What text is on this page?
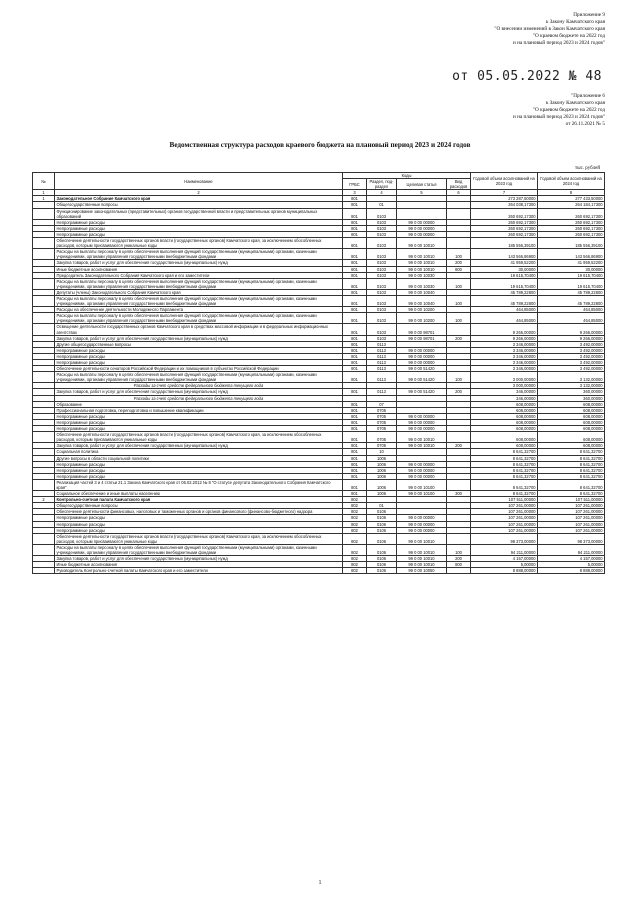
Приложение 9
к Закону Камчатского края
"О внесении изменений в Закон Камчатского края
"О краевом бюджете на 2022 год
и на плановый период 2023 и 2024 годов"
от 05.05.2022 № 48
"Приложение 6
к Закону Камчатского края
"О краевом бюджете на 2022 год
и на плановый период 2023 и 2024 годов"
от 26.11.2021 № 5
Ведомственная структура расходов краевого бюджета на плановый период 2023 и 2024 годов
тыс. рублей
№	Наименование	Коды				Годовой объем ассигнований на 2023 год	Годовой объем ассигнований на 2024 год
		ГРБС	Раздел, под-раздел	Целевая статья	Вид расходов		
1	2	3	4	5	6	7	8
1	Законодательное Собрание Камчатского края	801				273 287,50000	277 433,50000
	Общегосударственные вопросы	801	01			264 038,17300	264 184,17300
	Функционирование законодательных (представительных) органов государственной власти и представительных органов муниципальных образований	801	0103			260 692,17300	260 692,17300
	Непрограммные расходы	801	0103	99 0 00 00000		260 692,17300	260 692,17300
	Непрограммные расходы	801	0103	99 0 00 00000		260 692,17300	260 692,17300
	Непрограммные расходы	801	0103	99 0 00 00000		260 692,17300	260 692,17300
	Обеспечение деятельности государственных органов власти (государственных органов) Камчатского края, за исключением обособленных расходов, которым присваиваются уникальные коды	801	0103	99 0 00 10010		185 556,39100	185 556,39100
	Расходы на выплаты персоналу в целях обеспечения выполнения функций государственными (муниципальными) органами, казенными учреждениями, органами управления государственными внебюджетными фондами	801	0103	99 0 00 10010	100	143 566,86900	143 566,86900
	Закупка товаров, работ и услуг для обеспечения государственных (муниципальных) нужд	801	0103	99 0 00 10010	200	41 959,52200	41 959,52200
	Иные бюджетные ассигнования	801	0103	99 0 00 10010	800	30,00000	30,00000
	Председатель Законодательного Собрания Камчатского края и его заместители	801	0103	99 0 00 10030		19 615,70400	19 615,70400
	Расходы на выплаты персоналу в целях обеспечения выполнения функций государственными (муниципальными) органами, казенными учреждениями, органами управления государственными внебюджетными фондами	801	0103	99 0 00 10030	100	19 615,70400	19 615,70400
	Депутаты (члены) Законодательного Собрания Камчатского края	801	0103	99 0 00 10040		45 789,22800	45 789,22800
	Расходы на выплаты персоналу в целях обеспечения выполнения функций государственными (муниципальными) органами, казенными учреждениями, органами управления государственными внебюджетными фондами	801	0103	99 0 00 10040	100	45 789,22800	45 789,22800
	Расходы на обеспечение деятельности Молодежного Парламента	801	0103	99 0 00 10200		464,85000	464,85000
	Расходы на выплаты персоналу в целях обеспечения выполнения функций государственными (муниципальными) органами, казенными учреждениями, органами управления государственными внебюджетными фондами	801	0103	99 0 00 10200	100	464,85000	464,85000
	Освещение деятельности государственных органов Камчатского края в средствах массовой информации и в федеральных информационных агентствах	801	0103	99 0 00 98701		9 266,00000	9 266,00000
	Закупка товаров, работ и услуг для обеспечения государственных (муниципальных) нужд	801	0103	99 0 00 98701	200	9 266,00000	9 266,00000
	Другие общегосударственные вопросы	801	0113			3 346,00000	3 492,00000
	Непрограммные расходы	801	0113	99 0 00 00000		3 346,00000	3 492,00000
	Непрограммные расходы	801	0113	99 0 00 00000		3 346,00000	3 492,00000
	Непрограммные расходы	801	0113	99 0 00 00000		3 346,00000	3 492,00000
	Обеспечение деятельности сенаторов Российской Федерации и их помощников в субъектах Российской Федерации	801	0113	99 0 00 51420		3 346,00000	3 492,00000
	Расходы на выплаты персоналу в целях обеспечения выполнения функций государственными (муниципальными) органами, казенными учреждениями, органами управления государственными внебюджетными фондами	801	0113	99 0 00 51420	100	3 000,00000	3 132,00000
	Расходы за счет средств федерального бюджета текущего года					3 000,00000	3 132,00000
	Закупка товаров, работ и услуг для обеспечения государственных (муниципальных) нужд	801	0113	99 0 00 51420	200	346,00000	360,00000
	Расходы за счет средств федерального бюджета текущего года					346,00000	360,00000
	Образование	801	07			608,00000	608,00000
	Профессиональная подготовка, переподготовка и повышение квалификации	801	0705			608,00000	608,00000
	Непрограммные расходы	801	0705	99 0 00 00000		608,00000	608,00000
	Непрограммные расходы	801	0705	99 0 00 00000		608,00000	608,00000
	Непрограммные расходы	801	0705	99 0 00 00000		608,00000	608,00000
	Обеспечение деятельности государственных органов власти (государственных органов) Камчатского края, за исключением обособленных расходов, которым присваиваются уникальные коды	801	0705	99 0 00 10010		608,00000	608,00000
	Закупка товаров, работ и услуг для обеспечения государственных (муниципальных) нужд	801	0705	99 0 00 10010	200	608,00000	608,00000
	Социальная политика	801	10			8 641,32700	8 641,32700
	Другие вопросы в области социальной политики	801	1006			8 641,32700	8 641,32700
	Непрограммные расходы	801	1006	99 0 00 00000		8 641,32700	8 641,32700
	Непрограммные расходы	801	1006	99 0 00 00000		8 641,32700	8 641,32700
	Непрограммные расходы	801	1006	99 0 00 00000		8 641,32700	8 641,32700
	Реализация частей 3 и 4 статьи 21.1 Закона Камчатского края от 06.02.2012 № 8 "О статусе депутата Законодательного Собрания Камчатского края"	801	1006	99 0 00 10100		8 641,32700	8 641,32700
	Социальное обеспечение и иные выплаты населению	801	1006	99 0 00 10100	300	8 641,32700	8 641,32700
2	Контрольно-счетная палата Камчатского края	802				107 511,00000	107 511,00000
	Общегосударственные вопросы	802	01			107 261,00000	107 261,00000
	Обеспечение деятельности финансовых, налоговых и таможенных органов и органов финансового (финансово-бюджетного) надзора	802	0106			107 261,00000	107 261,00000
	Непрограммные расходы	802	0106	99 0 00 00000		107 261,00000	107 261,00000
	Непрограммные расходы	802	0106	99 0 00 00000		107 261,00000	107 261,00000
	Непрограммные расходы	802	0106	99 0 00 00000		107 261,00000	107 261,00000
	Обеспечение деятельности государственных органов власти (государственных органов) Камчатского края, за исключением обособленных расходов, которым присваиваются уникальные коды	802	0106	99 0 00 10010		98 373,00000	98 373,00000
	Расходы на выплаты персоналу в целях обеспечения выполнения функций государственными (муниципальными) органами, казенными учреждениями, органами управления государственными внебюджетными фондами	802	0106	99 0 00 10010	100	94 211,00000	94 211,00000
	Закупка товаров, работ и услуг для обеспечения государственных (муниципальных) нужд	802	0106	99 0 00 10010	200	4 157,00000	4 157,00000
	Иные бюджетные ассигнования	802	0106	99 0 00 10010	800	5,00000	5,00000
	Руководитель Контрольно-счетной палаты Камчатского края и его заместители	802	0106	99 0 00 10050		8 888,00000	8 888,00000
1
